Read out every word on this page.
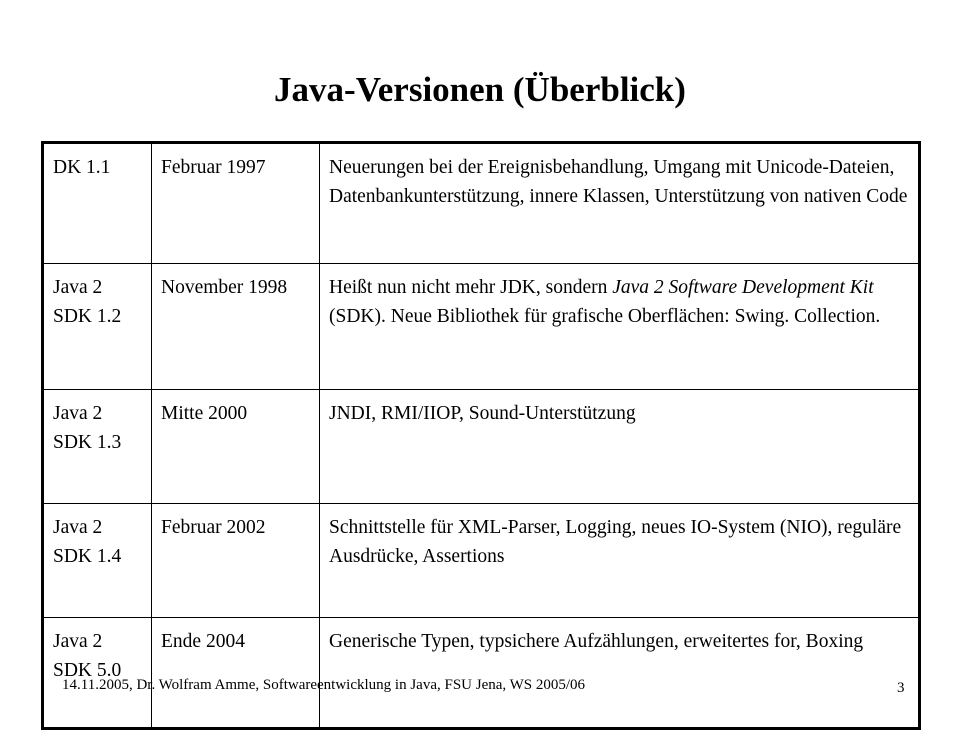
Java-Versionen (Überblick)
DK 1.1	Februar 1997	Neuerungen bei der Ereignisbehandlung, Umgang mit Unicode-Dateien, Datenbankunterstützung, innere Klassen, Unterstützung von nativen Code
Java 2
SDK 1.2	November 1998	Heißt nun nicht mehr JDK, sondern Java 2 Software Development Kit (SDK). Neue Bibliothek für grafische Oberflächen: Swing. Collection.
Java 2
SDK 1.3	Mitte 2000	JNDI, RMI/IIOP, Sound-Unterstützung
Java 2
SDK 1.4	Februar 2002	Schnittstelle für XML-Parser, Logging, neues IO-System (NIO), reguläre Ausdrücke, Assertions
Java 2
SDK 5.0	Ende 2004	Generische Typen, typsichere Aufzählungen, erweitertes for, Boxing
14.11.2005, Dr. Wolfram Amme, Softwareentwicklung in Java, FSU Jena, WS 2005/06	3
